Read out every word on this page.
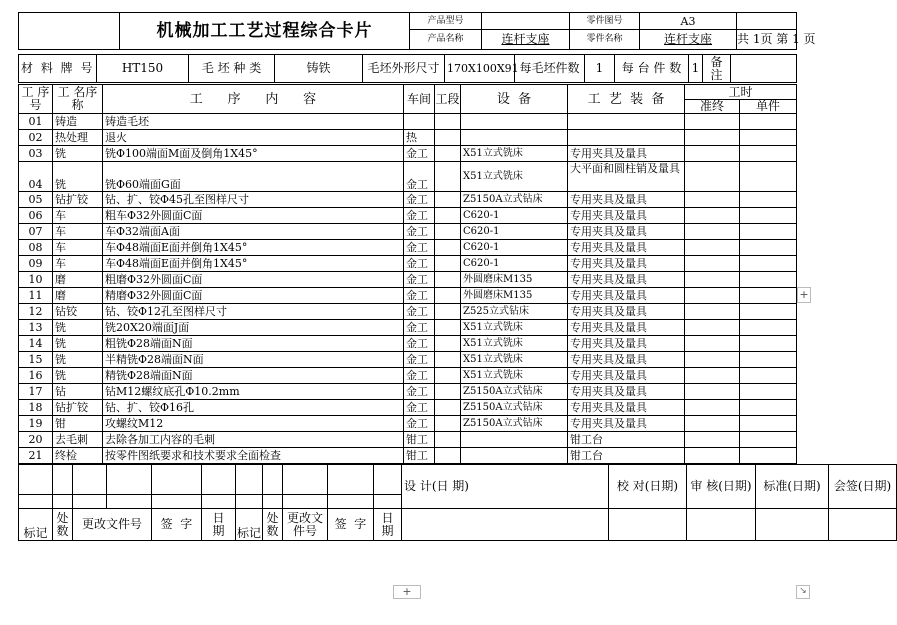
	机械加工工艺过程综合卡片	产品型号		零件图号	A3	
		产品名称	连杆支座	零件名称	连杆支座	共 1页 第 1 页
材 料 牌 号	HT150	毛 坯 种 类	铸铁	毛坯外形尺寸	170X100X91	每毛坯件数	1	每 台 件 数	1	备注	
工 序号	工 名序 称	工      序      内      容	车间	工段	设  备	工  艺  装  备	工时	
							准终	单件
01	铸造	铸造毛坯						
02	热处理	退火	热					
03	铣	铣Φ100端面M面及倒角1X45°	金工		X51立式铣床	专用夹具及量具		
04	铣	铣Φ60端面G面	金工		X51立式铣床	大平面和圆柱销及量具		
05	钻扩铰	钻、扩、铰Φ45孔至图样尺寸	金工		Z5150A立式钻床	专用夹具及量具		
06	车	粗车Φ32外圆面C面	金工		C620-1	专用夹具及量具		
07	车	车Φ32端面A面	金工		C620-1	专用夹具及量具		
08	车	车Φ48端面E面并倒角1X45°	金工		C620-1	专用夹具及量具		
09	车	车Φ48端面E面并倒角1X45°	金工		C620-1	专用夹具及量具		
10	磨	粗磨Φ32外圆面C面	金工		外圆磨床M135	专用夹具及量具		
11	磨	精磨Φ32外圆面C面	金工		外圆磨床M135	专用夹具及量具		
12	钻铰	钻、铰Φ12孔至图样尺寸	金工		Z525立式钻床	专用夹具及量具		
13	铣	铣20X20端面J面	金工		X51立式铣床	专用夹具及量具		
14	铣	粗铣Φ28端面N面	金工		X51立式铣床	专用夹具及量具		
15	铣	半精铣Φ28端面N面	金工		X51立式铣床	专用夹具及量具		
16	铣	精铣Φ28端面N面	金工		X51立式铣床	专用夹具及量具		
17	钻	钻M12螺纹底孔Φ10.2mm	金工		Z5150A立式钻床	专用夹具及量具		
18	钻扩铰	钻、扩、铰Φ16孔	金工		Z5150A立式钻床	专用夹具及量具		
19	钳	攻螺纹M12	金工		Z5150A立式钻床	专用夹具及量具		
20	去毛刺	去除各加工内容的毛刺	钳工			钳工台		
21	终检	按零件图纸要求和技术要求全面检查	钳工			钳工台		
											设 计(日 期)	校 对(日期)	审 核(日期)	标准(日期)	会签(日期)

标记	处数	更改文件号		签  字	日期	标记	处数	更改文件号	签  字	日期					
+
+	↘
